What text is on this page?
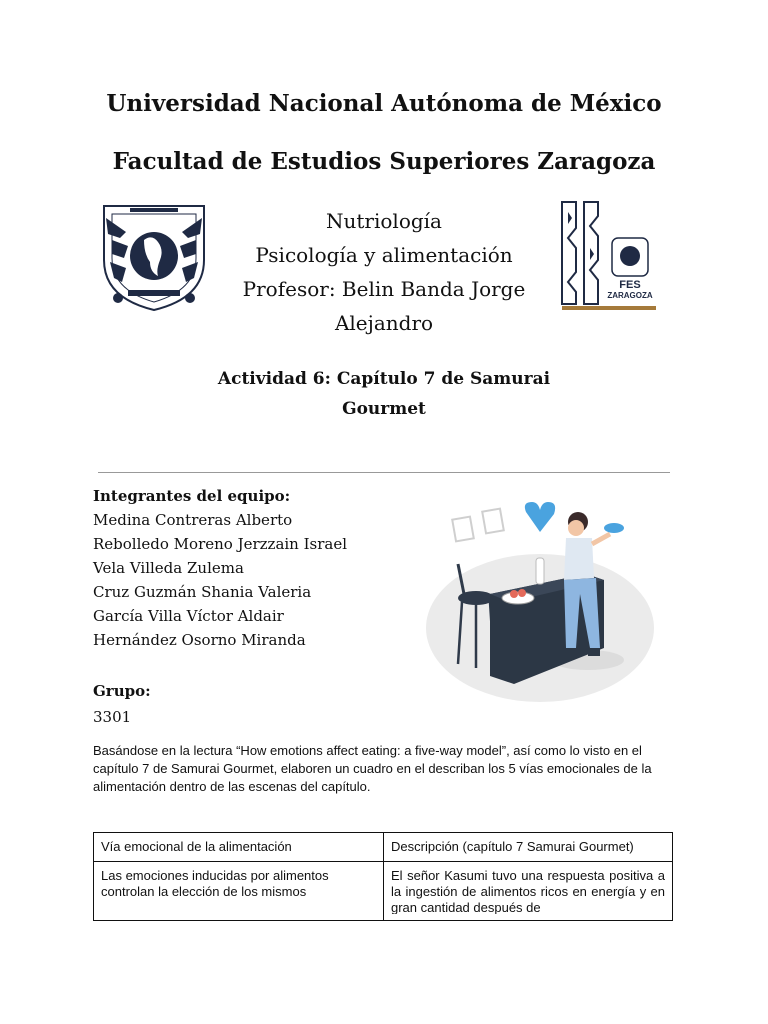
Universidad Nacional Autónoma de México
Facultad de Estudios Superiores Zaragoza
Nutriología
Psicología y alimentación
Profesor: Belin Banda Jorge
Alejandro
FES
ZARAGOZA
Actividad 6: Capítulo 7 de Samurai
Gourmet
Integrantes del equipo:
Medina Contreras Alberto
Rebolledo Moreno Jerzzain Israel
Vela Villeda Zulema
Cruz Guzmán Shania Valeria
García Villa Víctor Aldair
Hernández Osorno Miranda
Grupo:
3301
Basándose en la lectura “How emotions affect eating: a five-way model”, así como lo visto en el capítulo 7 de Samurai Gourmet, elaboren un cuadro en el describan los 5 vías emocionales de la alimentación dentro de las escenas del capítulo.
Vía emocional de la alimentación	Descripción (capítulo 7 Samurai Gourmet)
Las emociones inducidas por alimentos controlan la elección de los mismos	El señor Kasumi tuvo una respuesta positiva a la ingestión de alimentos ricos en energía y en gran cantidad después de
